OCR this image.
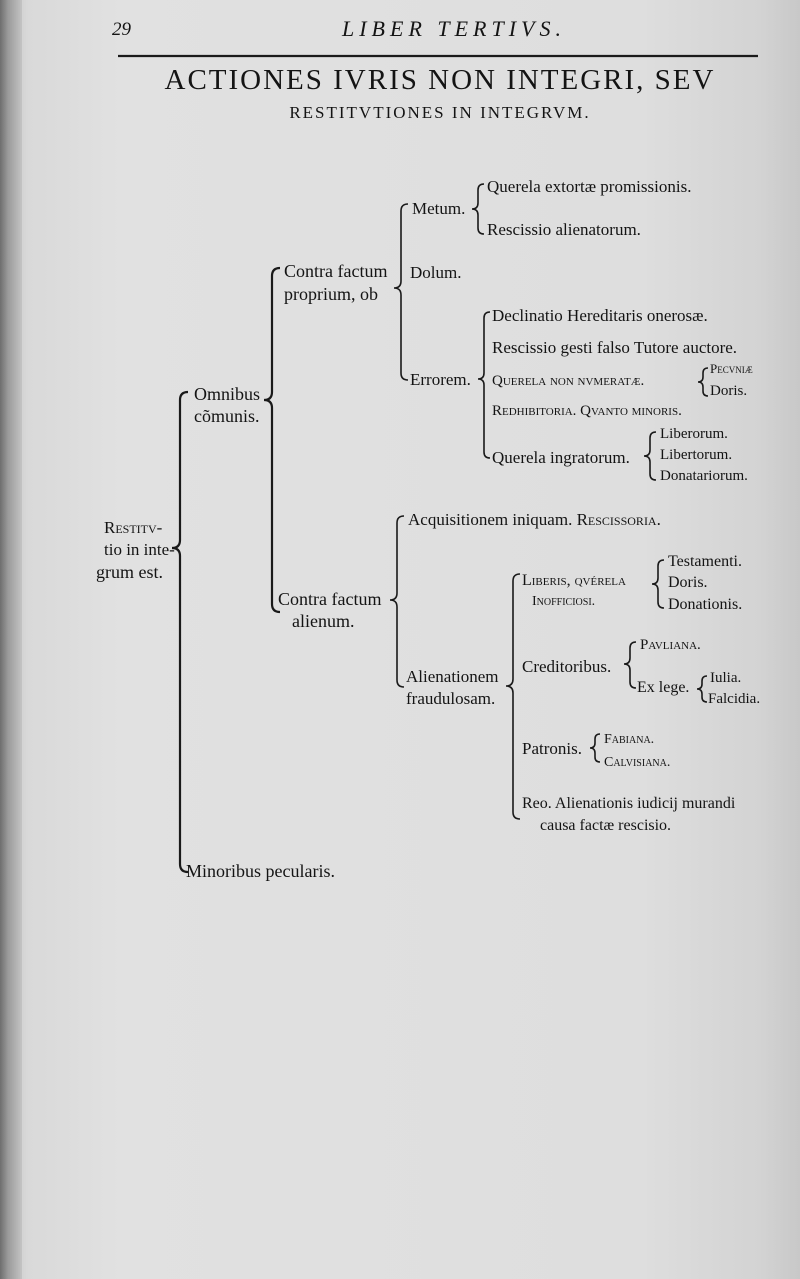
29	LIBER TERTIVS.
ACTIONES IVRIS NON INTEGRI, SEV
RESTITVTIONES IN INTEGRVM.
Restitv-
tio in inte-
grum est.
Omnibus
cõmunis.
Contra factum
proprium, ob
Metum.
Querela extortæ promissionis.
Rescissio alienatorum.
Dolum.
Errorem.
Declinatio Hereditaris onerosæ.
Rescissio gesti falso Tutore auctore.
Querela non nvmeratæ.
Pecvniæ
Doris.
Redhibitoria. Qvanto minoris.
Querela ingratorum.
Liberorum.
Libertorum.
Donatariorum.
Contra factum
alienum.
Acquisitionem iniquam. Rescissoria.
Alienationem
fraudulosam.
Liberis, qvérela
Inofficiosi.
Testamenti.
Doris.
Donationis.
Creditoribus.
Pavliana.
Ex lege.
Iulia.
Falcidia.
Patronis. Fabiana.
Calvisiana.
Reo. Alienationis iudicij murandi
causa factæ rescisio.
Minoribus pecularis.
